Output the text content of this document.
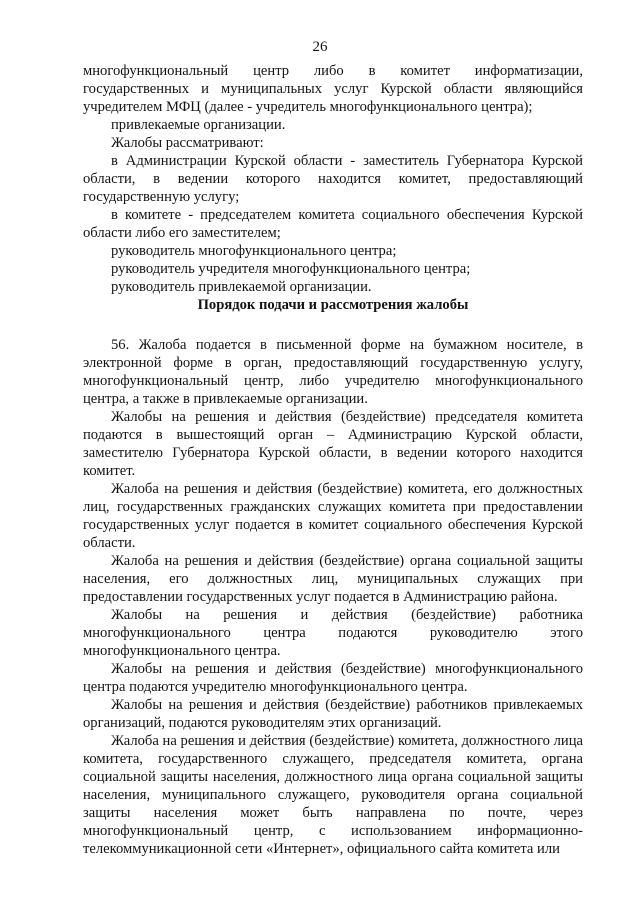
26

многофункциональный центр либо в комитет информатизации, государственных и муниципальных услуг Курской области являющийся учредителем МФЦ (далее - учредитель многофункционального центра);

привлекаемые организации.

Жалобы рассматривают:

в Администрации Курской области - заместитель Губернатора Курской области, в ведении которого находится комитет, предоставляющий государственную услугу;

в комитете - председателем комитета социального обеспечения Курской области либо его заместителем;

руководитель многофункционального центра;

руководитель учредителя многофункционального центра;

руководитель привлекаемой организации.

Порядок подачи и рассмотрения жалобы

56. Жалоба подается в письменной форме на бумажном носителе, в электронной форме в орган, предоставляющий государственную услугу, многофункциональный центр, либо учредителю многофункционального центра, а также в привлекаемые организации.

Жалобы на решения и действия (бездействие) председателя комитета подаются в вышестоящий орган – Администрацию Курской области, заместителю Губернатора Курской области, в ведении которого находится комитет.

Жалоба на решения и действия (бездействие) комитета, его должностных лиц, государственных гражданских служащих комитета при предоставлении государственных услуг подается в комитет социального обеспечения Курской области.

Жалоба на решения и действия (бездействие) органа социальной защиты населения, его должностных лиц, муниципальных служащих при предоставлении государственных услуг подается в Администрацию района.

Жалобы на решения и действия (бездействие) работника многофункционального центра подаются руководителю этого многофункционального центра.

Жалобы на решения и действия (бездействие) многофункционального центра подаются учредителю многофункционального центра.

Жалобы на решения и действия (бездействие) работников привлекаемых организаций, подаются руководителям этих организаций.

Жалоба на решения и действия (бездействие) комитета, должностного лица комитета, государственного служащего, председателя комитета, органа социальной защиты населения, должностного лица органа социальной защиты населения, муниципального служащего, руководителя органа социальной защиты населения может быть направлена по почте, через многофункциональный центр, с использованием информационно-телекоммуникационной сети «Интернет», официального сайта комитета или
